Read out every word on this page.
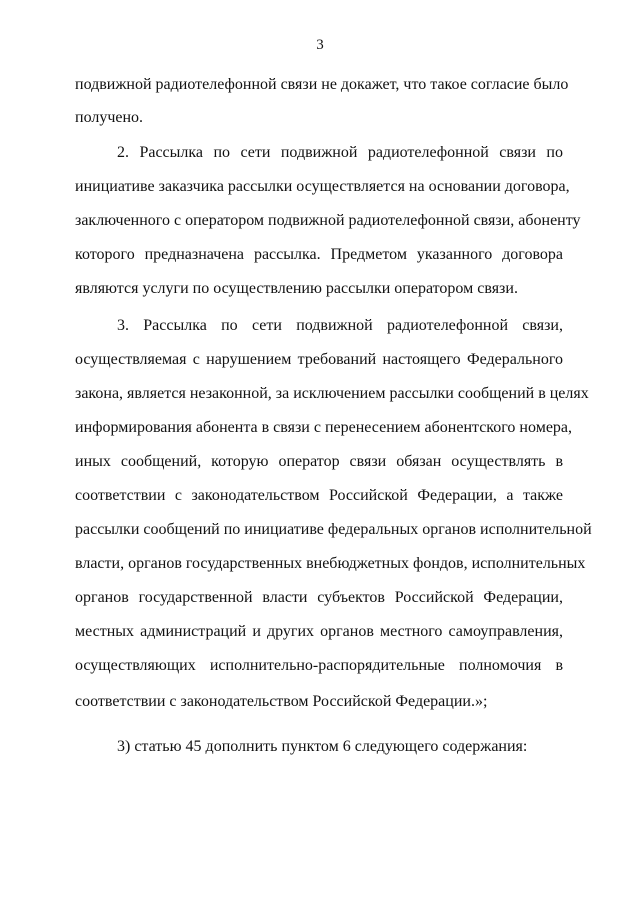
3
подвижной радиотелефонной связи не докажет, что такое согласие было
получено.
2. Рассылка по сети подвижной радиотелефонной связи по
инициативе заказчика рассылки осуществляется на основании договора,
заключенного с оператором подвижной радиотелефонной связи, абоненту
которого предназначена рассылка. Предметом указанного договора
являются услуги по осуществлению рассылки оператором связи.
3. Рассылка по сети подвижной радиотелефонной связи,
осуществляемая с нарушением требований настоящего Федерального
закона, является незаконной, за исключением рассылки сообщений в целях
информирования абонента в связи с перенесением абонентского номера,
иных сообщений, которую оператор связи обязан осуществлять в
соответствии с законодательством Российской Федерации, а также
рассылки сообщений по инициативе федеральных органов исполнительной
власти, органов государственных внебюджетных фондов, исполнительных
органов государственной власти субъектов Российской Федерации,
местных администраций и других органов местного самоуправления,
осуществляющих исполнительно-распорядительные полномочия в
соответствии с законодательством Российской Федерации.»;
3) статью 45 дополнить пунктом 6 следующего содержания:
